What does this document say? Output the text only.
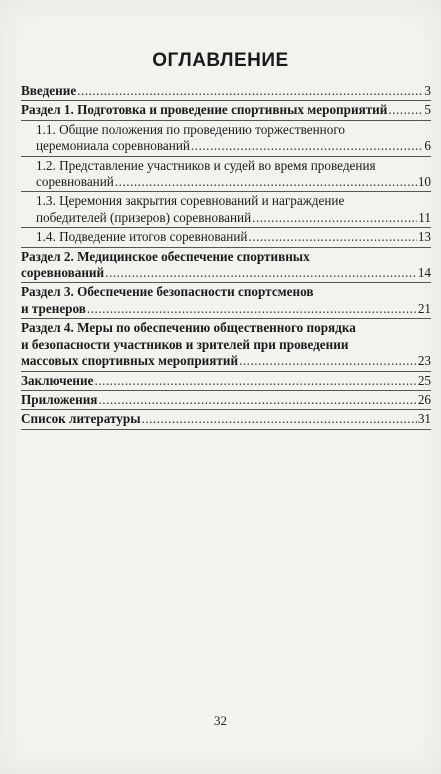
ОГЛАВЛЕНИЕ
Введение .....	3
Раздел 1. Подготовка и проведение спортивных мероприятий .....	5
1.1. Общие положения по проведению торжественного
церемониала соревнований .....	6
1.2. Представление участников и судей во время проведения
соревнований .....	10
1.3. Церемония закрытия соревнований и награждение
победителей (призеров) соревнований .....	11
1.4. Подведение итогов соревнований .....	13
Раздел 2. Медицинское обеспечение спортивных
соревнований .....	14
Раздел 3. Обеспечение безопасности спортсменов
и тренеров .....	21
Раздел 4. Меры по обеспечению общественного порядка
и безопасности участников и зрителей при проведении
массовых спортивных мероприятий .....	23
Заключение .....	25
Приложения .....	26
Список литературы .....	31
32
